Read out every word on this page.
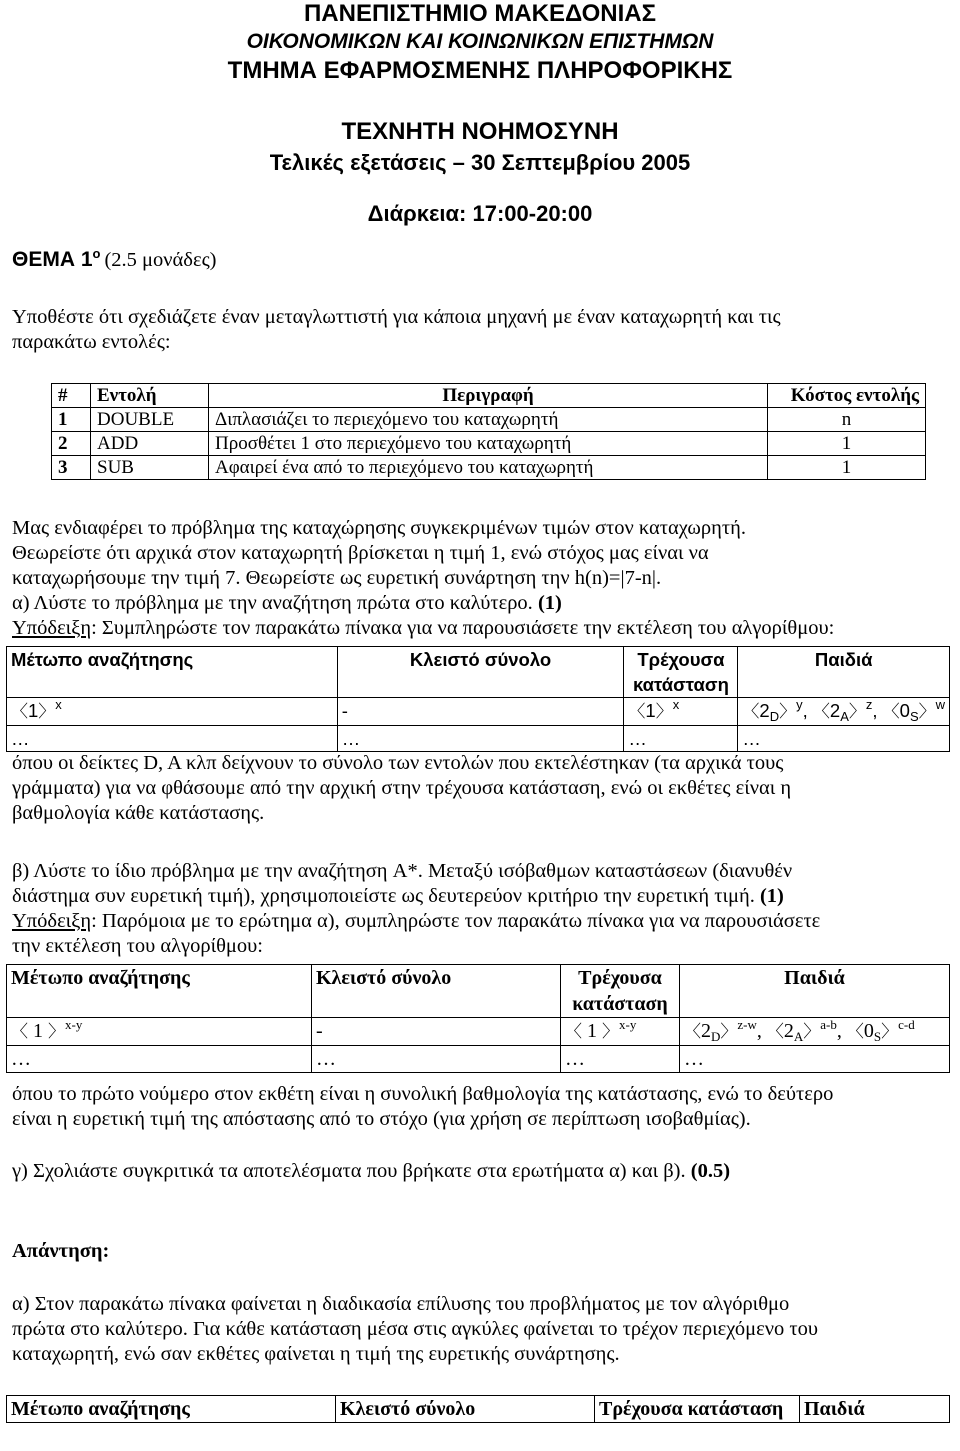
ΠΑΝΕΠΙΣΤΗΜΙΟ ΜΑΚΕΔΟΝΙΑΣ
ΟΙΚΟΝΟΜΙΚΩΝ ΚΑΙ ΚΟΙΝΩΝΙΚΩΝ ΕΠΙΣΤΗΜΩΝ
ΤΜΗΜΑ ΕΦΑΡΜΟΣΜΕΝΗΣ ΠΛΗΡΟΦΟΡΙΚΗΣ
ΤΕΧΝΗΤΗ ΝΟΗΜΟΣΥΝΗ
Τελικές εξετάσεις – 30 Σεπτεμβρίου 2005
Διάρκεια: 17:00-20:00
ΘΕΜΑ $1^o$ (2.5 μονάδες)
Υποθέστε ότι σχεδιάζετε έναν μεταγλωττιστή για κάποια μηχανή με έναν καταχωρητή και τις
παρακάτω εντολές:
#	Εντολή	Περιγραφή	Κόστος εντολής
1	DOUBLE	Διπλασιάζει το περιεχόμενο του καταχωρητή	n
2	ADD	Προσθέτει 1 στο περιεχόμενο του καταχωρητή	1
3	SUB	Αφαιρεί ένα από το περιεχόμενο του καταχωρητή	1
Μας ενδιαφέρει το πρόβλημα της καταχώρησης συγκεκριμένων τιμών στον καταχωρητή.
Θεωρείστε ότι αρχικά στον καταχωρητή βρίσκεται η τιμή 1, ενώ στόχος μας είναι να
καταχωρήσουμε την τιμή 7. Θεωρείστε ως ευρετική συνάρτηση την h(n)=|7-n|.
α) Λύστε το πρόβλημα με την αναζήτηση πρώτα στο καλύτερο. (1)
Υπόδειξη: Συμπληρώστε τον παρακάτω πίνακα για να παρουσιάσετε την εκτέλεση του αλγορίθμου:
Μέτωπο αναζήτησης	Κλειστό σύνολο	Τρέχουσα κατάσταση	Παιδιά
〈1〉$^x$	-	〈1〉$^x$	〈$2_D$〉$^y$, 〈$2_A$〉$^z$, 〈$0_S$〉$^w$
…	…	…	…
όπου οι δείκτες D, A κλπ δείχνουν το σύνολο των εντολών που εκτελέστηκαν (τα αρχικά τους
γράμματα) για να φθάσουμε από την αρχική στην τρέχουσα κατάσταση, ενώ οι εκθέτες είναι η
βαθμολογία κάθε κατάστασης.
β) Λύστε το ίδιο πρόβλημα με την αναζήτηση A*. Μεταξύ ισόβαθμων καταστάσεων (διανυθέν
διάστημα συν ευρετική τιμή), χρησιμοποιείστε ως δευτερεύον κριτήριο την ευρετική τιμή. (1)
Υπόδειξη: Παρόμοια με το ερώτημα α), συμπληρώστε τον παρακάτω πίνακα για να παρουσιάσετε
την εκτέλεση του αλγορίθμου:
Μέτωπο αναζήτησης	Κλειστό σύνολο	Τρέχουσα κατάσταση	Παιδιά
〈 1 〉$^{x-y}$	-	〈 1 〉$^{x-y}$	〈$2_D$〉$^{z-w}$, 〈$2_A$〉$^{a-b}$, 〈$0_S$〉$^{c-d}$
…	…	…	…
όπου το πρώτο νούμερο στον εκθέτη είναι η συνολική βαθμολογία της κατάστασης, ενώ το δεύτερο
είναι η ευρετική τιμή της απόστασης από το στόχο (για χρήση σε περίπτωση ισοβαθμίας).
γ) Σχολιάστε συγκριτικά τα αποτελέσματα που βρήκατε στα ερωτήματα α) και β). (0.5)
Απάντηση:
α) Στον παρακάτω πίνακα φαίνεται η διαδικασία επίλυσης του προβλήματος με τον αλγόριθμο
πρώτα στο καλύτερο. Για κάθε κατάσταση μέσα στις αγκύλες φαίνεται το τρέχον περιεχόμενο του
καταχωρητή, ενώ σαν εκθέτες φαίνεται η τιμή της ευρετικής συνάρτησης.
Μέτωπο αναζήτησης	Κλειστό σύνολο	Τρέχουσα κατάσταση	Παιδιά
